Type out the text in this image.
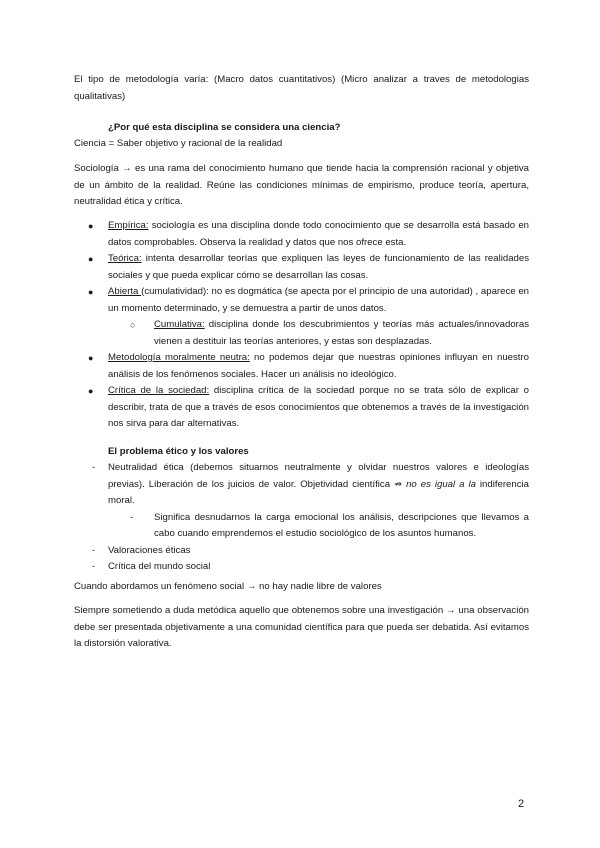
El tipo de metodología varía: (Macro datos cuantitativos) (Micro analizar a traves de metodologias qualitativas)

¿Por qué esta disciplina se considera una ciencia?

Ciencia = Saber objetivo y racional de la realidad

Sociología → es una rama del conocimiento humano que tiende hacia la comprensión racional y objetiva de un ámbito de la realidad. Reúne las condiciones mínimas de empirismo, produce teoría, apertura, neutralidad ética y crítica.

● Empírica: sociología es una disciplina donde todo conocimiento que se desarrolla está basado en datos comprobables. Observa la realidad y datos que nos ofrece esta.
● Teórica: intenta desarrollar teorías que expliquen las leyes de funcionamiento de las realidades sociales y que pueda explicar cómo se desarrollan las cosas.
● Abierta (cumulatividad): no es dogmática (se apecta por el principio de una autoridad) , aparece en un momento determinado, y se demuestra a partir de unos datos.
○ Cumulativa: disciplina donde los descubrimientos y teorías más actuales/innovadoras vienen a destituir las teorías anteriores, y estas son desplazadas.
● Metodología moralmente neutra: no podemos dejar que nuestras opiniones influyan en nuestro análisis de los fenómenos sociales. Hacer un análisis no ideológico.
● Crítica de la sociedad: disciplina crítica de la sociedad porque no se trata sólo de explicar o describir, trata de que a través de esos conocimientos que obtenemos a través de la investigación nos sirva para dar alternativas.

El problema ético y los valores

- Neutralidad ética (debemos situarnos neutralmente y olvidar nuestros valores e ideologías previas). Liberación de los juicios de valor. Objetividad científica ⇏ no es igual a la indiferencia moral.
- Significa desnudarnos la carga emocional los análisis, descripciones que llevamos a cabo cuando emprendemos el estudio sociológico de los asuntos humanos.
- Valoraciones éticas
- Crítica del mundo social

Cuando abordamos un fenómeno social → no hay nadie libre de valores

Siempre sometiendo a duda metódica aquello que obtenemos sobre una investigación → una observación debe ser presentada objetivamente a una comunidad científica para que pueda ser debatida. Así evitamos la distorsión valorativa.

2
